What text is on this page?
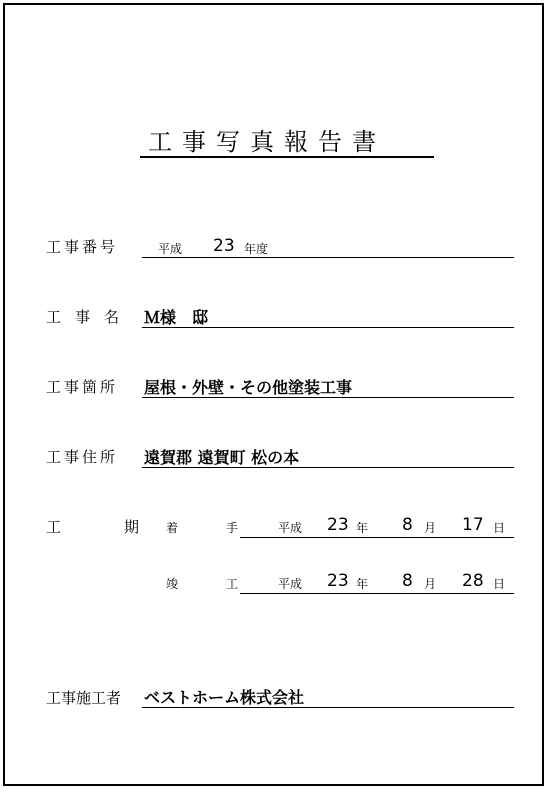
工事写真報告書
工事番号	平成 23 年度
工事名 Ｍ様　邸
工事箇所 屋根・外壁・その他塗装工事
工事住所 遠賀郡 遠賀町 松の本
工　期 着　手 平成 23 年 8 月 17 日
竣　工 平成 23 年 8 月 28 日
工事施工者 ベストホーム株式会社
